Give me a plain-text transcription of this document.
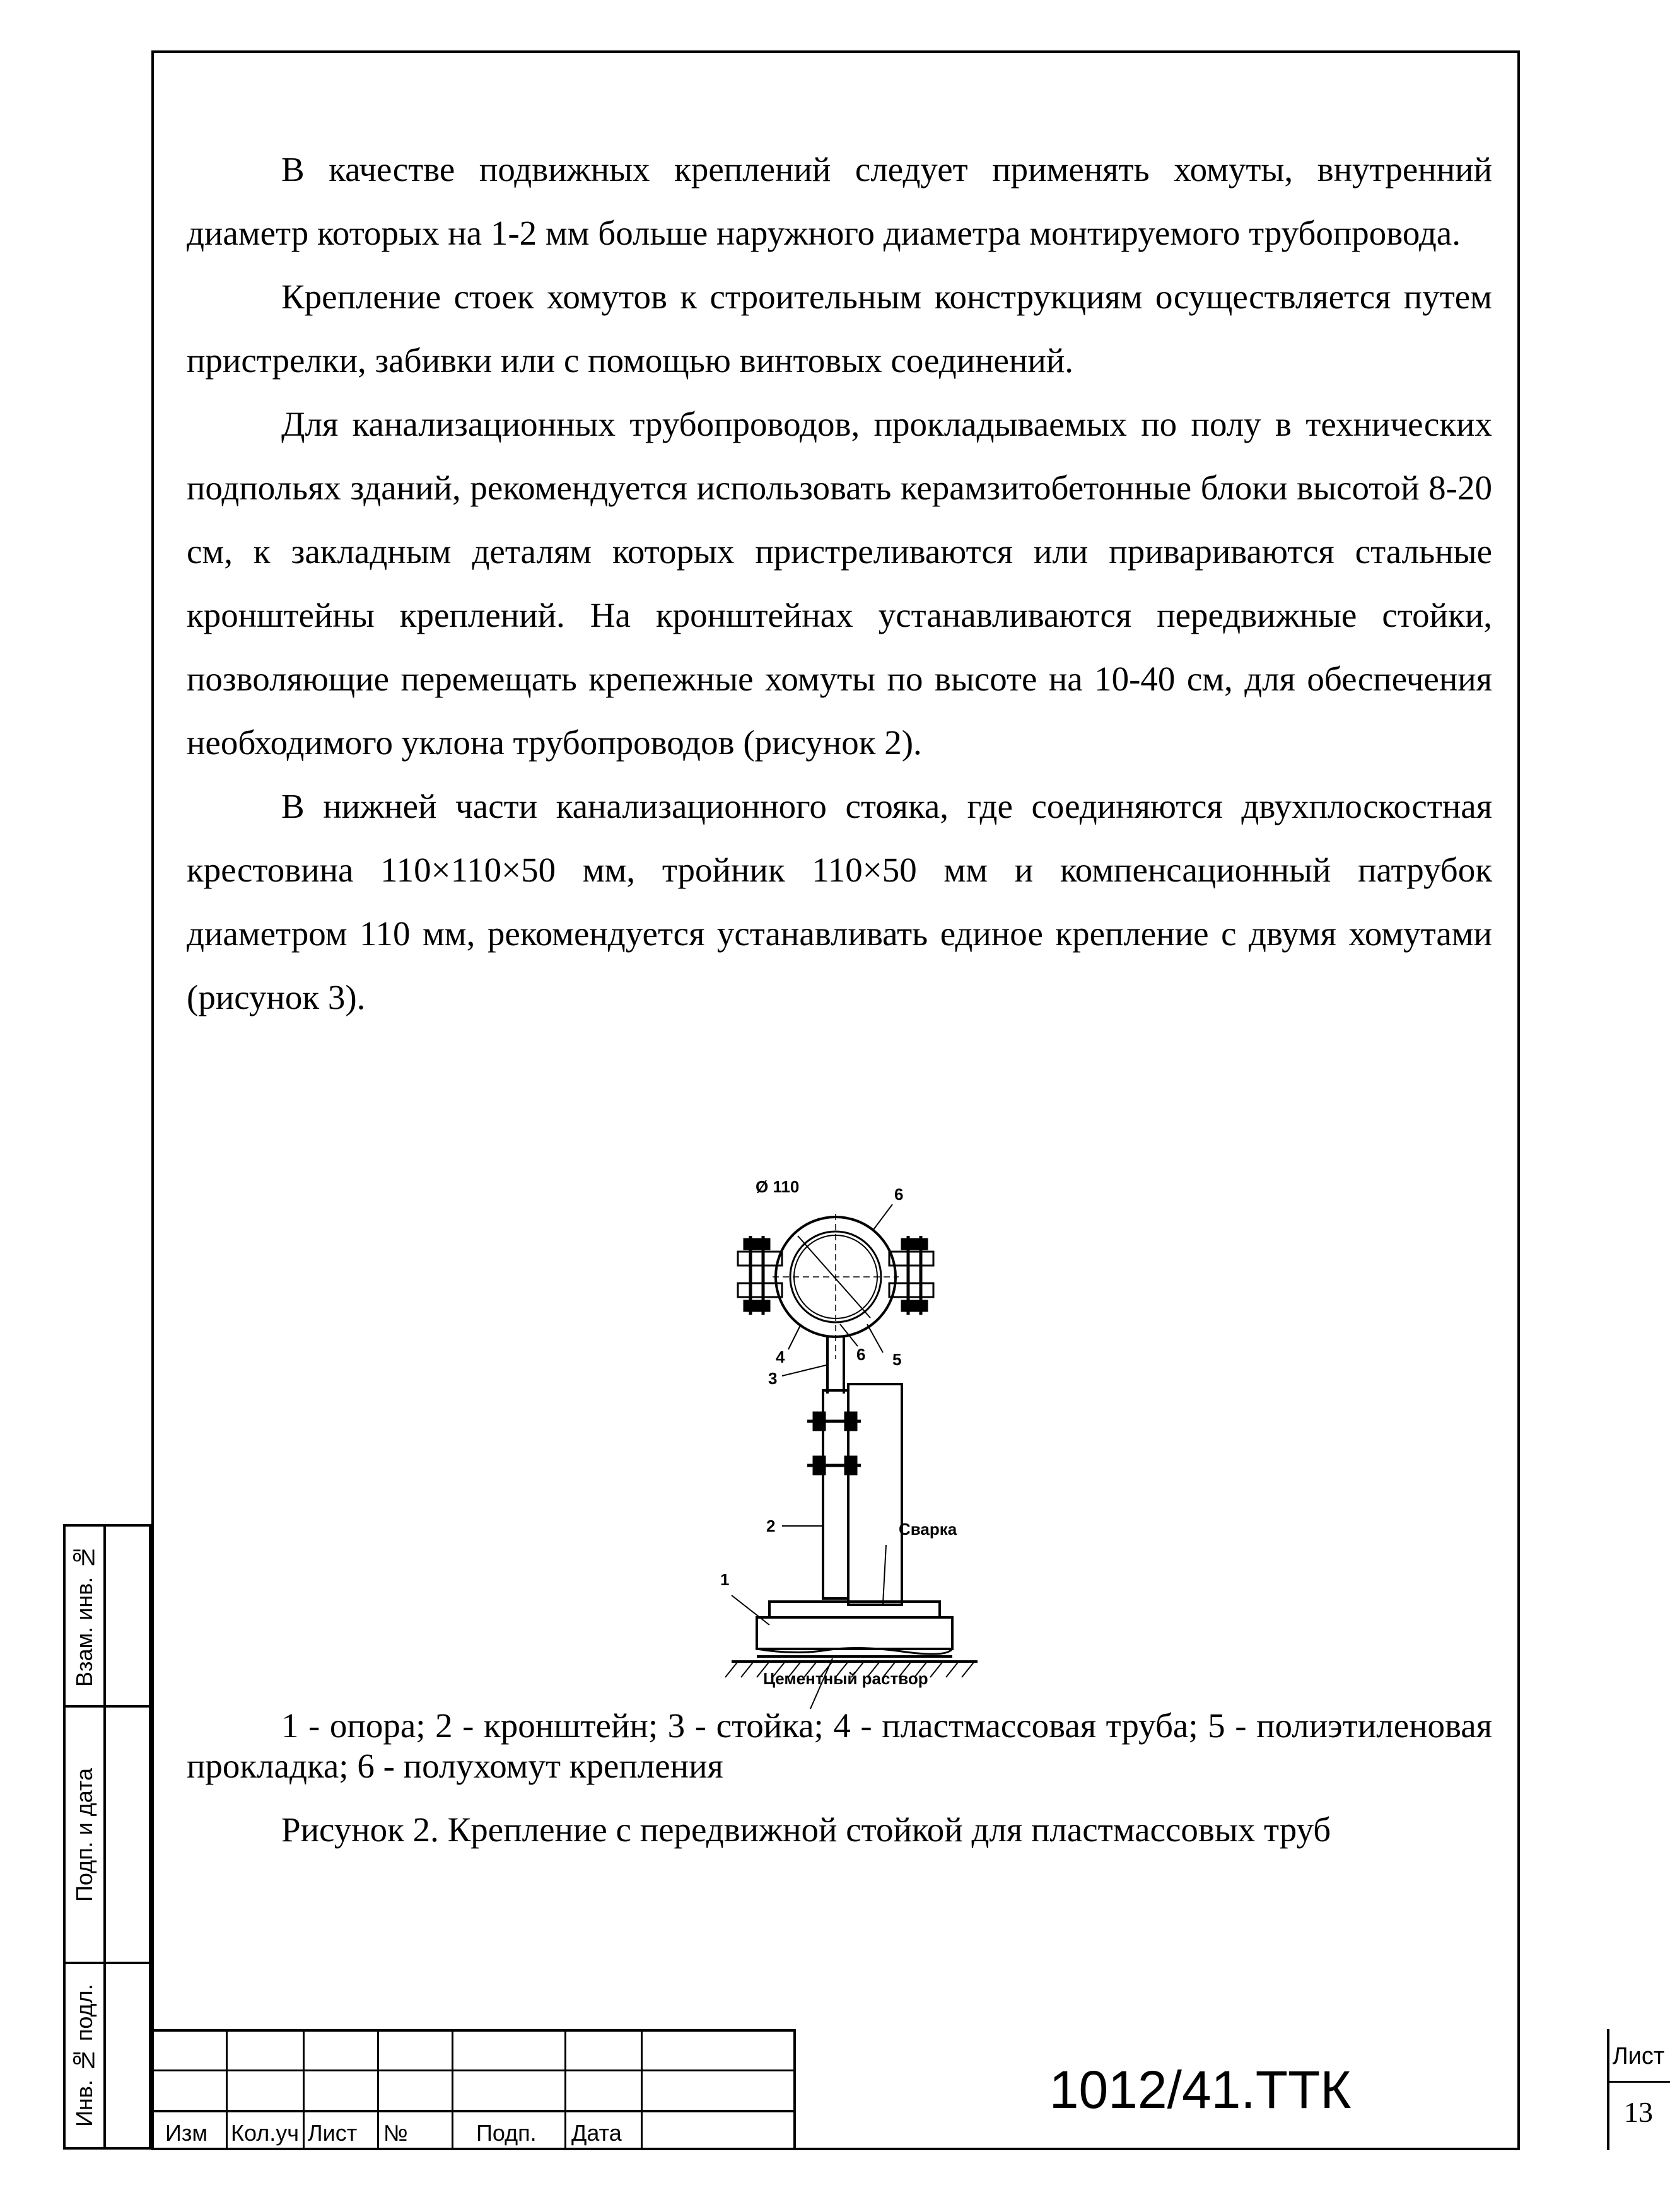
В качестве подвижных креплений следует применять хомуты, внутренний диаметр которых на 1-2 мм больше наружного диаметра монтируемого трубопровода.

Крепление стоек хомутов к строительным конструкциям осуществляется путем пристрелки, забивки или с помощью винтовых соединений.

Для канализационных трубопроводов, прокладываемых по полу в технических подпольях зданий, рекомендуется использовать керамзитобетонные блоки высотой 8-20 см, к закладным деталям которых пристреливаются или привариваются стальные кронштейны креплений. На кронштейнах устанавливаются передвижные стойки, позволяющие перемещать крепежные хомуты по высоте на 10-40 см, для обеспечения необходимого уклона трубопроводов (рисунок 2).

В нижней части канализационного стояка, где соединяются двухплоскостная крестовина 110×110×50 мм, тройник 110×50 мм и компенсационный патрубок диаметром 110 мм, рекомендуется устанавливать единое крепление с двумя хомутами (рисунок 3).

Ø 110	6
4	6 5
3
2	Сварка
1
Цементный раствор

1 - опора; 2 - кронштейн; 3 - стойка; 4 - пластмассовая труба; 5 - полиэтиленовая прокладка; 6 - полухомут крепления

Рисунок 2. Крепление с передвижной стойкой для пластмассовых труб
Взам. инв. №
Подп. и дата
Инв. № подл.
Изм Кол.уч Лист №	Подп. Дата
1012/41.ТТК
Лист
13
